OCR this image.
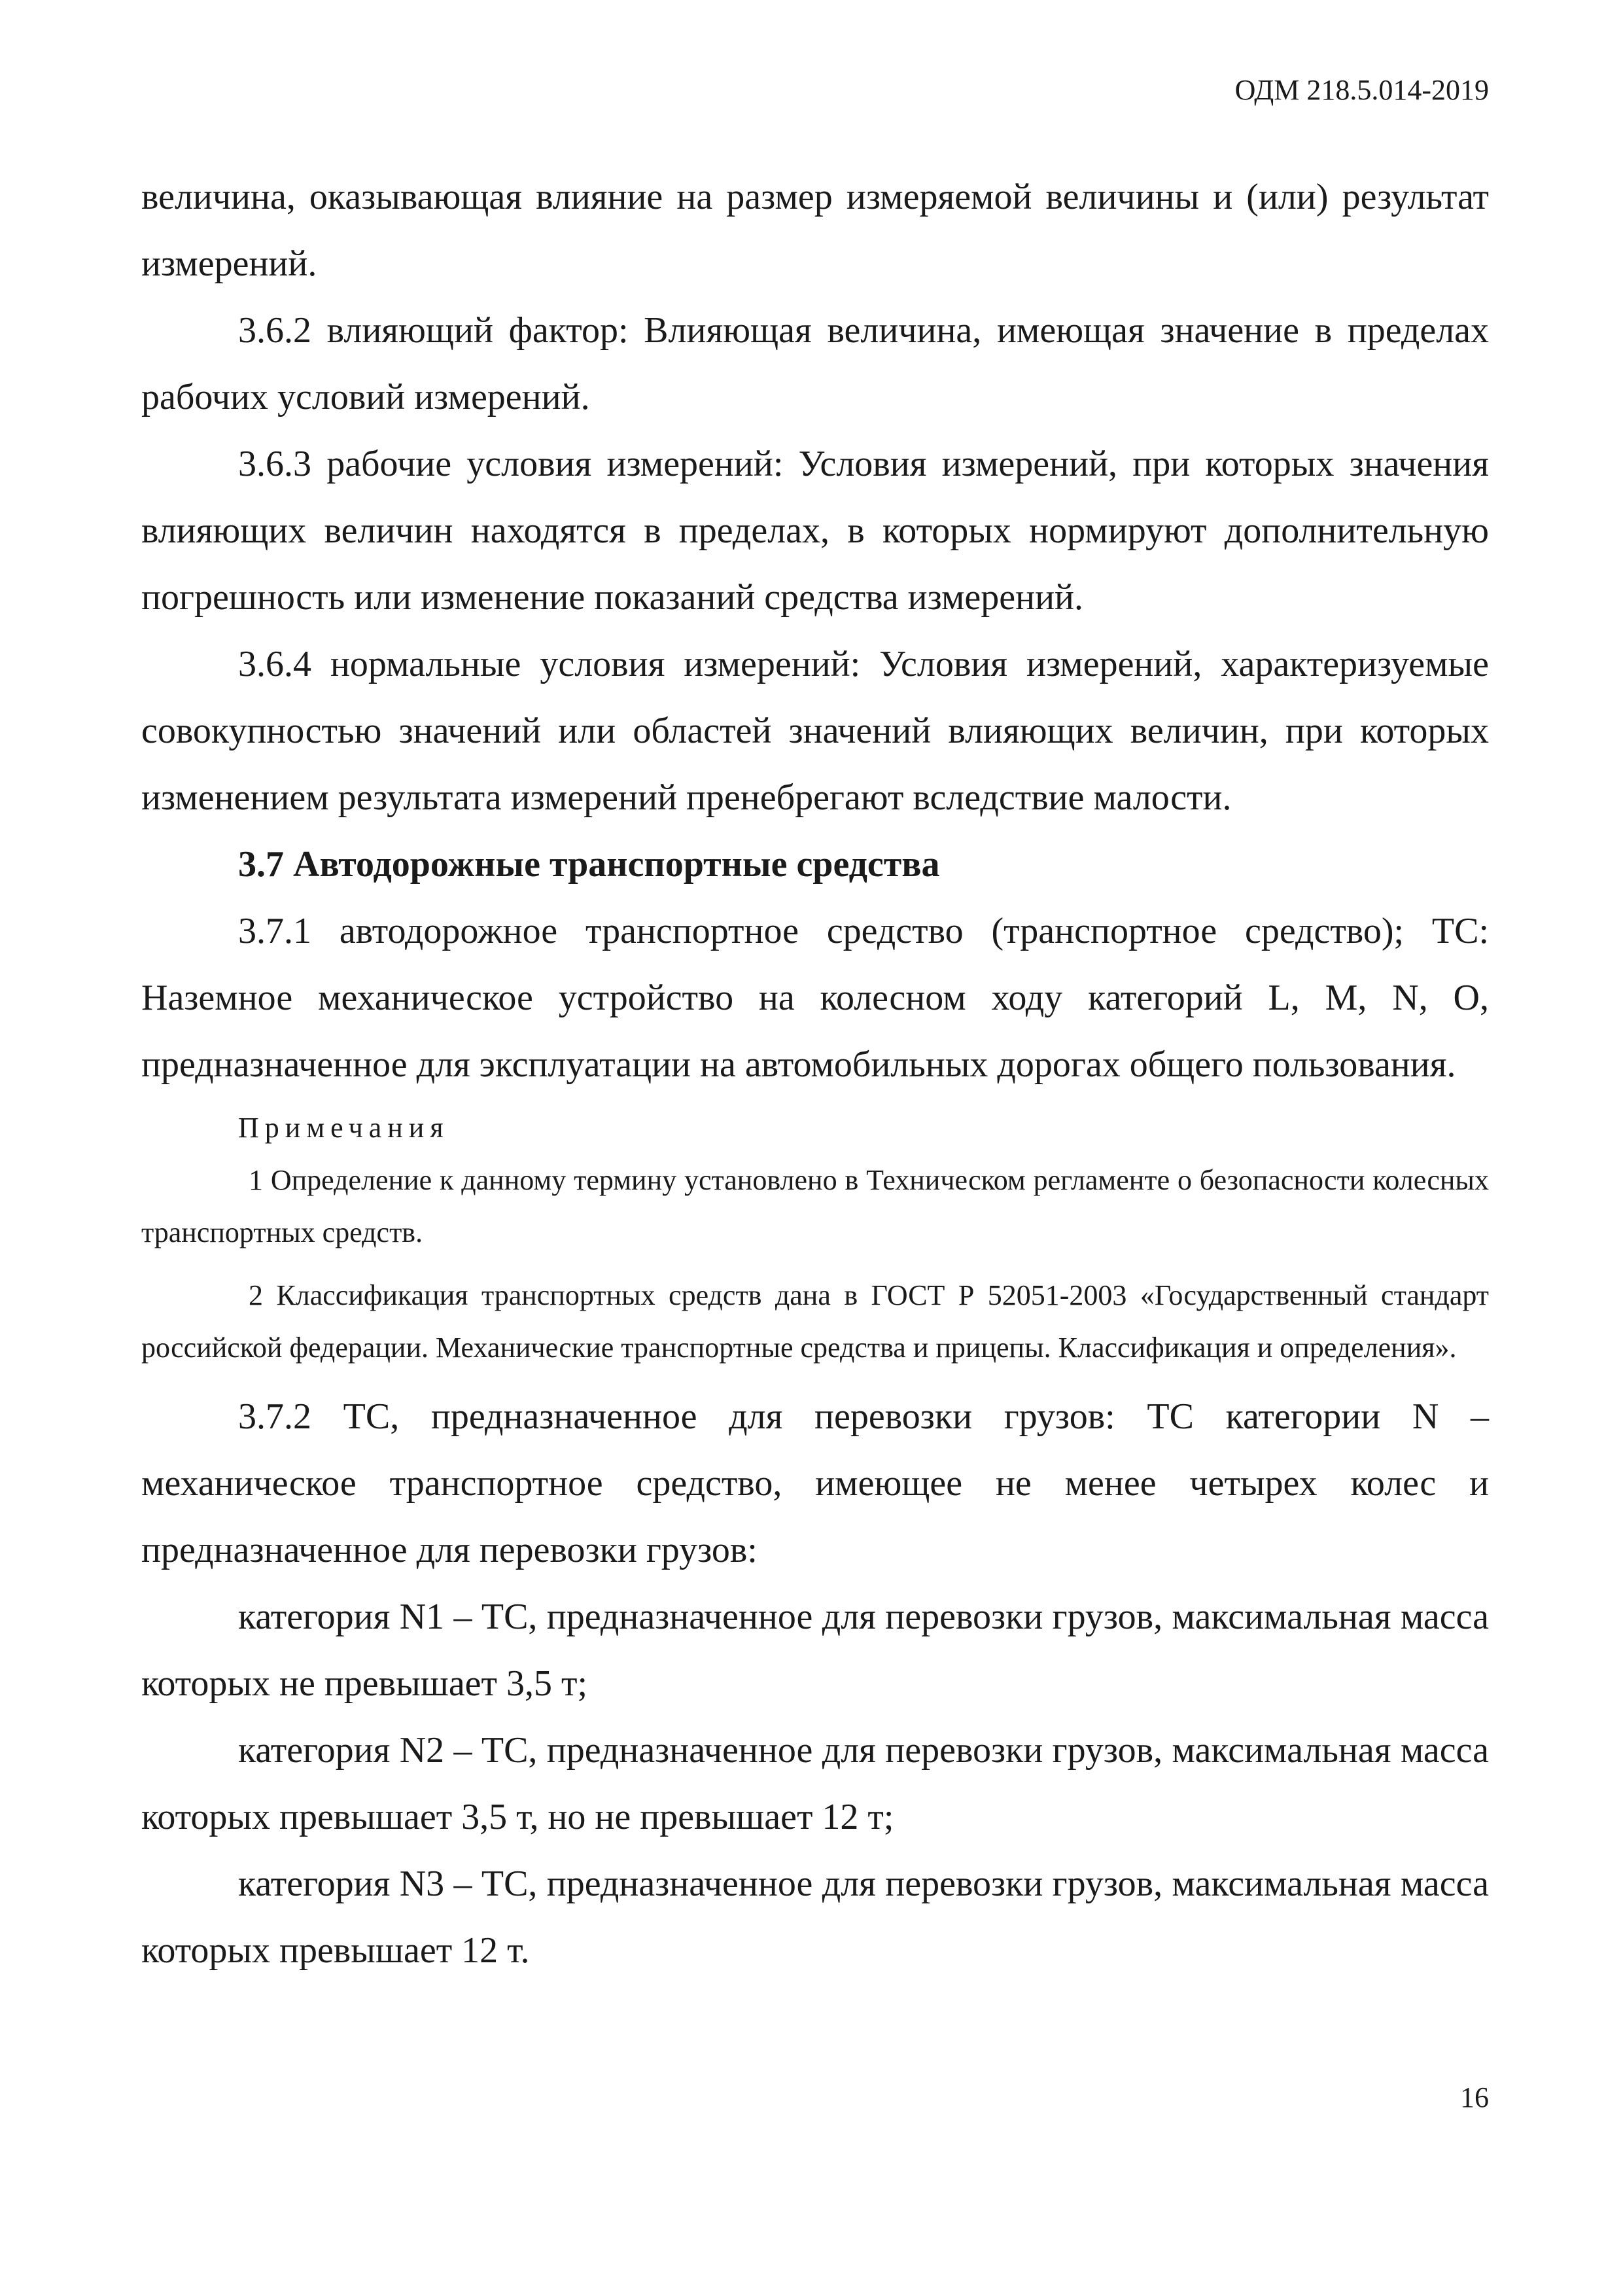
ОДМ 218.5.014-2019

величина, оказывающая влияние на размер измеряемой величины и (или) результат измерений.

3.6.2 влияющий фактор: Влияющая величина, имеющая значение в пределах рабочих условий измерений.

3.6.3 рабочие условия измерений: Условия измерений, при которых значения влияющих величин находятся в пределах, в которых нормируют дополнительную погрешность или изменение показаний средства измерений.

3.6.4 нормальные условия измерений: Условия измерений, характеризуемые совокупностью значений или областей значений влияющих величин, при которых изменением результата измерений пренебрегают вследствие малости.

3.7 Автодорожные транспортные средства

3.7.1 автодорожное транспортное средство (транспортное средство); ТС: Наземное механическое устройство на колесном ходу категорий L, M, N, O, предназначенное для эксплуатации на автомобильных дорогах общего пользования.

Примечания

1 Определение к данному термину установлено в Техническом регламенте о безопасности колесных транспортных средств.

2 Классификация транспортных средств дана в ГОСТ Р 52051-2003 «Государственный стандарт российской федерации. Механические транспортные средства и прицепы. Классификация и определения».

3.7.2 ТС, предназначенное для перевозки грузов: ТС категории N – механическое транспортное средство, имеющее не менее четырех колес и предназначенное для перевозки грузов:

категория N1 – ТС, предназначенное для перевозки грузов, максимальная масса которых не превышает 3,5 т;

категория N2 – ТС, предназначенное для перевозки грузов, максимальная масса которых превышает 3,5 т, но не превышает 12 т;

категория N3 – ТС, предназначенное для перевозки грузов, максимальная масса которых превышает 12 т.

16
